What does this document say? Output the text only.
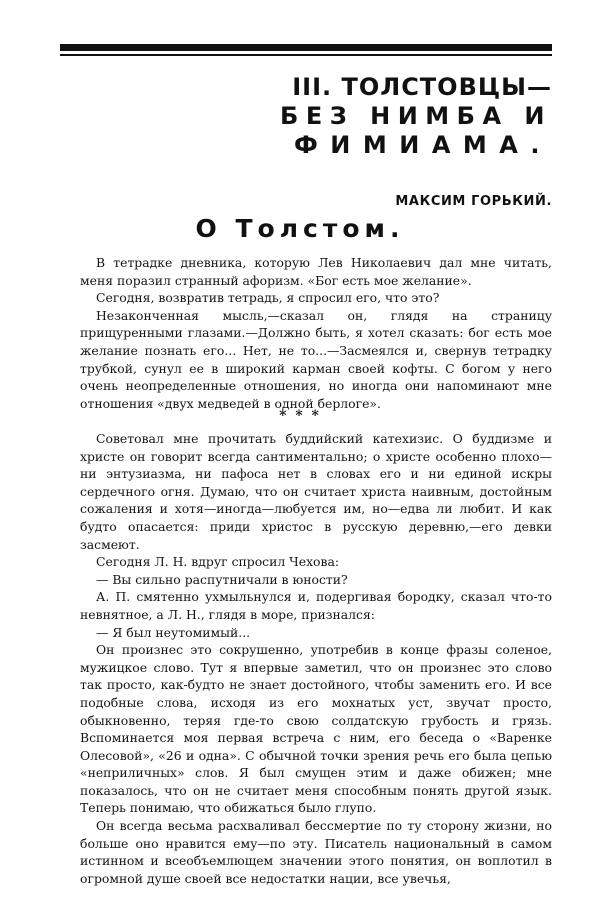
III. ТОЛСТОВЦЫ—
БЕЗ НИМБА И
ФИМИАМА.
МАКСИМ ГОРЬКИЙ.
О Толстом.

В тетрадке дневника, которую Лев Николаевич дал мне читать, меня поразил странный афоризм. «Бог есть мое желание».

Сегодня, возвратив тетрадь, я спросил его, что это?

Незаконченная мысль,—сказал он, глядя на страницу прищуренными глазами.—Должно быть, я хотел сказать: бог есть мое желание познать его... Нет, не то...—Засмеялся и, свернув тетрадку трубкой, сунул ее в широкий карман своей кофты. С богом у него очень неопределенные отношения, но иногда они напоминают мне отношения «двух медведей в одной берлоге».

* * *

Советовал мне прочитать буддийский катехизис. О буддизме и христе он говорит всегда сантиментально; о христе особенно плохо—ни энтузиазма, ни пафоса нет в словах его и ни единой искры сердечного огня. Думаю, что он считает христа наивным, достойным сожаления и хотя—иногда—любуется им, но—едва ли любит. И как будто опасается: приди христос в русскую деревню,—его девки засмеют.

Сегодня Л. Н. вдруг спросил Чехова:

— Вы сильно распутничали в юности?

А. П. смятенно ухмыльнулся и, подергивая бородку, сказал что-то невнятное, а Л. Н., глядя в море, признался:

— Я был неутомимый...

Он произнес это сокрушенно, употребив в конце фразы соленое, мужицкое слово. Тут я впервые заметил, что он произнес это слово так просто, как-будто не знает достойного, чтобы заменить его. И все подобные слова, исходя из его мохнатых уст, звучат просто, обыкновенно, теряя где-то свою солдатскую грубость и грязь. Вспоминается моя первая встреча с ним, его беседа о «Варенке Олесовой», «26 и одна». С обычной точки зрения речь его была цепью «неприличных» слов. Я был смущен этим и даже обижен; мне показалось, что он не считает меня способным понять другой язык. Теперь понимаю, что обижаться было глупо.

Он всегда весьма расхваливал бессмертие по ту сторону жизни, но больше оно нравится ему—по эту. Писатель национальный в самом истинном и всеобъемлющем значении этого понятия, он воплотил в огромной душе своей все недостатки нации, все увечья,
